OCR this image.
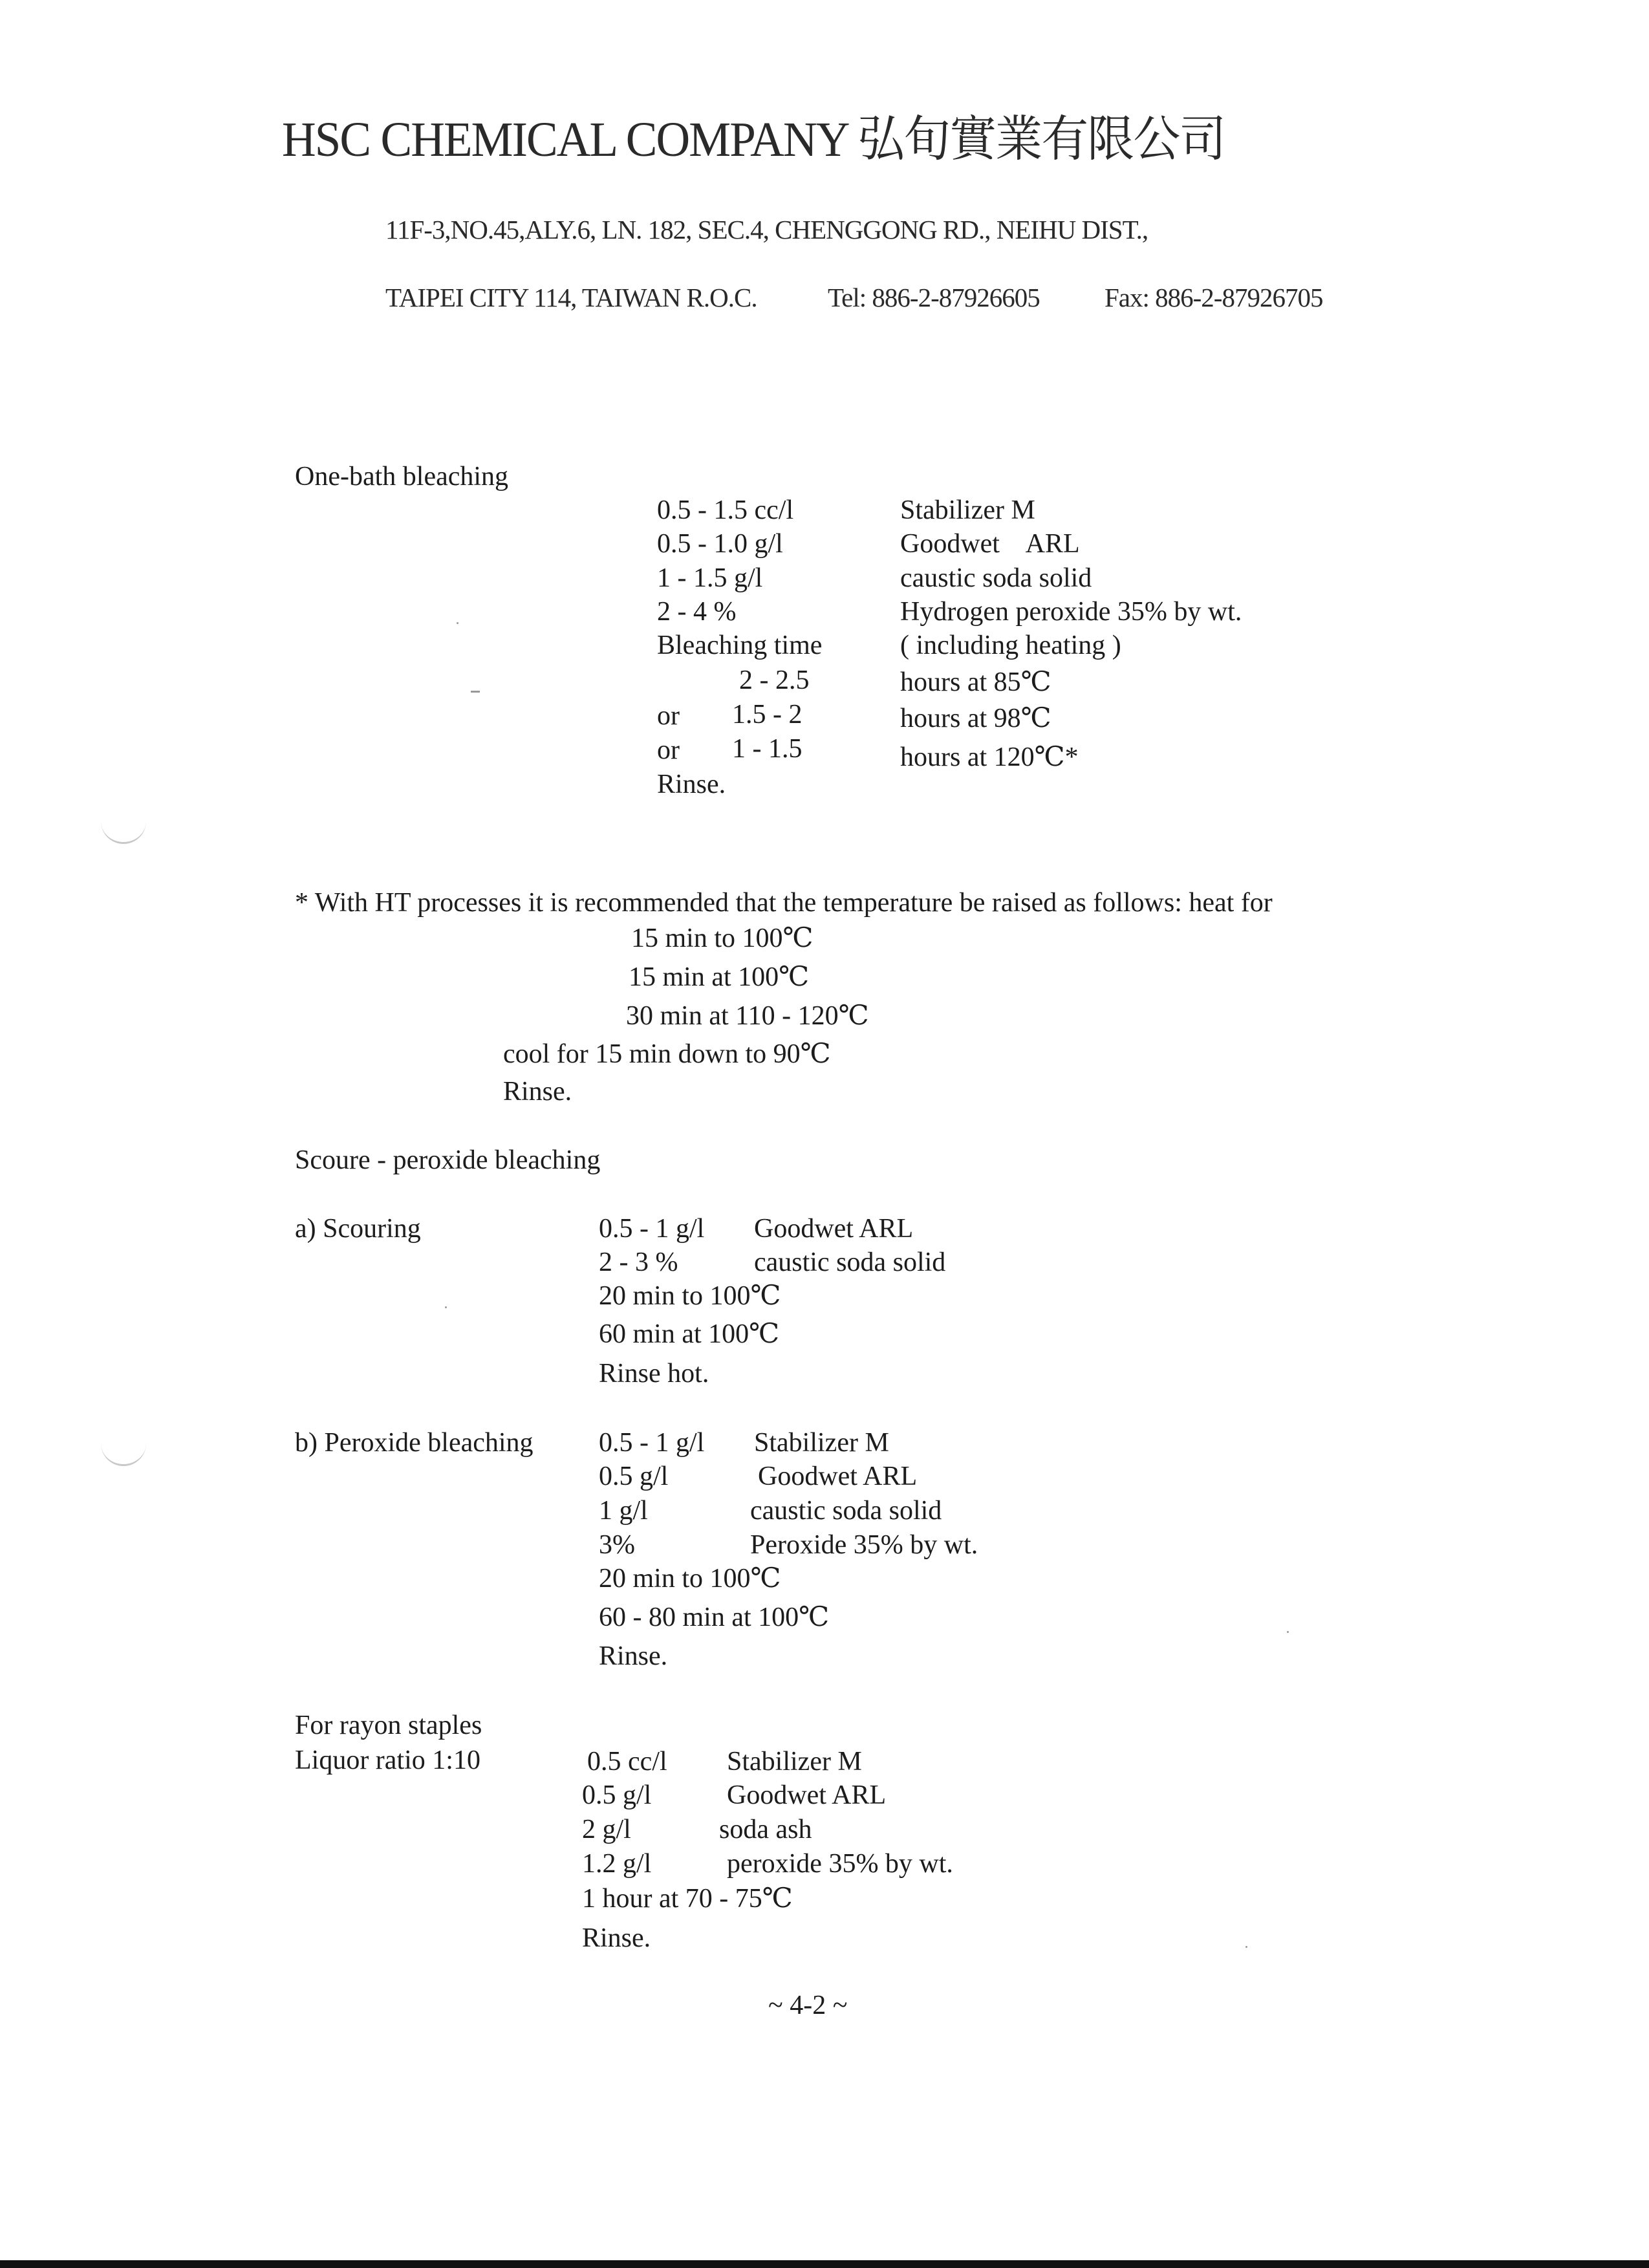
HSC CHEMICAL COMPANY 弘旬實業有限公司
11F-3,NO.45,ALY.6, LN. 182, SEC.4, CHENGGONG RD., NEIHU DIST.,
TAIPEI CITY 114, TAIWAN R.O.C.	Tel: 886-2-87926605 Fax: 886-2-87926705
One-bath bleaching
0.5 - 1.5 cc/l	Stabilizer M
0.5 - 1.0 g/l	Goodwet    ARL
1 - 1.5 g/l	caustic soda solid
2 - 4 %	Hydrogen peroxide 35% by wt.
Bleaching time	( including heating )
2 - 2.5	hours at 85℃
or 1.5 - 2	hours at 98℃
or 1 - 1.5	hours at 120℃*
Rinse.
* With HT processes it is recommended that the temperature be raised as follows: heat for
15 min to 100℃
15 min at 100℃
30 min at 110 - 120℃
cool for 15 min down to 90℃
Rinse.
Scoure - peroxide bleaching
a) Scouring	0.5 - 1 g/l Goodwet ARL
2 - 3 %	caustic soda solid
20 min to 100℃
60 min at 100℃
Rinse hot.
b) Peroxide bleaching 0.5 - 1 g/l Stabilizer M
0.5 g/l	Goodwet ARL
1 g/l	caustic soda solid
3%	Peroxide 35% by wt.
20 min to 100℃
60 - 80 min at 100℃
Rinse.
For rayon staples
Liquor ratio 1:10	0.5 cc/l Stabilizer M
0.5 g/l	Goodwet ARL
2 g/l	soda ash
1.2 g/l	peroxide 35% by wt.
1 hour at 70 - 75℃
Rinse.
~ 4-2 ~
